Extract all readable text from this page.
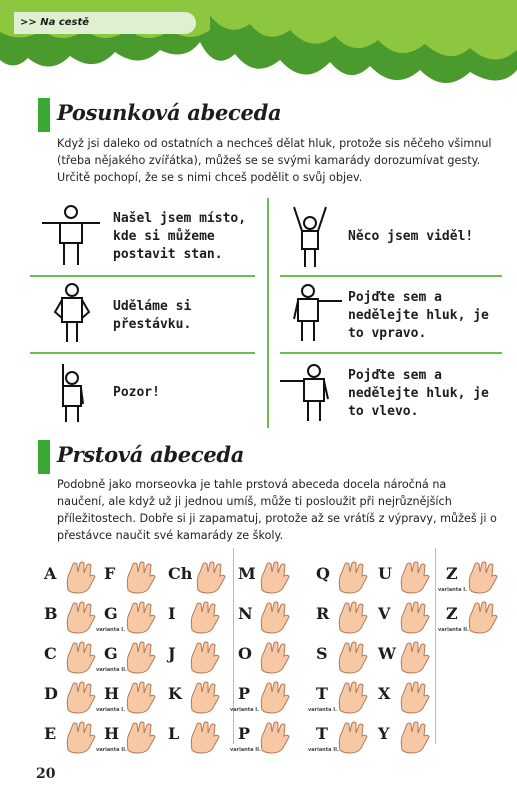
>> Na cestě
Posunková abeceda
Když jsi daleko od ostatních a nechceš dělat hluk, protože sis něčeho všimnul (třeba nějakého zvířátka), můžeš se se svými kamarády dorozumívat gesty. Určitě pochopí, že se s nimi chceš podělit o svůj objev.
Našel jsem místo, kde si můžeme postavit stan.
Něco jsem viděl!
Uděláme si přestávku.
Pojďte sem a nedělejte hluk, je to vpravo.
Pozor!
Pojďte sem a nedělejte hluk, je to vlevo.
Prstová abeceda
Podobně jako morseovka je tahle prstová abeceda docela náročná na naučení, ale když už ji jednou umíš, může ti posloužit při nejrůznějších příležitostech. Dobře si ji zapamatuj, protože až se vrátíš z výpravy, můžeš ji o přestávce naučit své kamarády ze školy.
A
B
C
D
E
F
G
varianta I.
G
varianta II.
H
varianta I.
H
varianta II.
Ch
I
J
K
L
M
N
O
P
varianta I.
P
varianta II.
Q
R
S
T
varianta I.
T
varianta II.
U
V
W
X
Y
Z
varianta I.
Z
varianta II.
20
